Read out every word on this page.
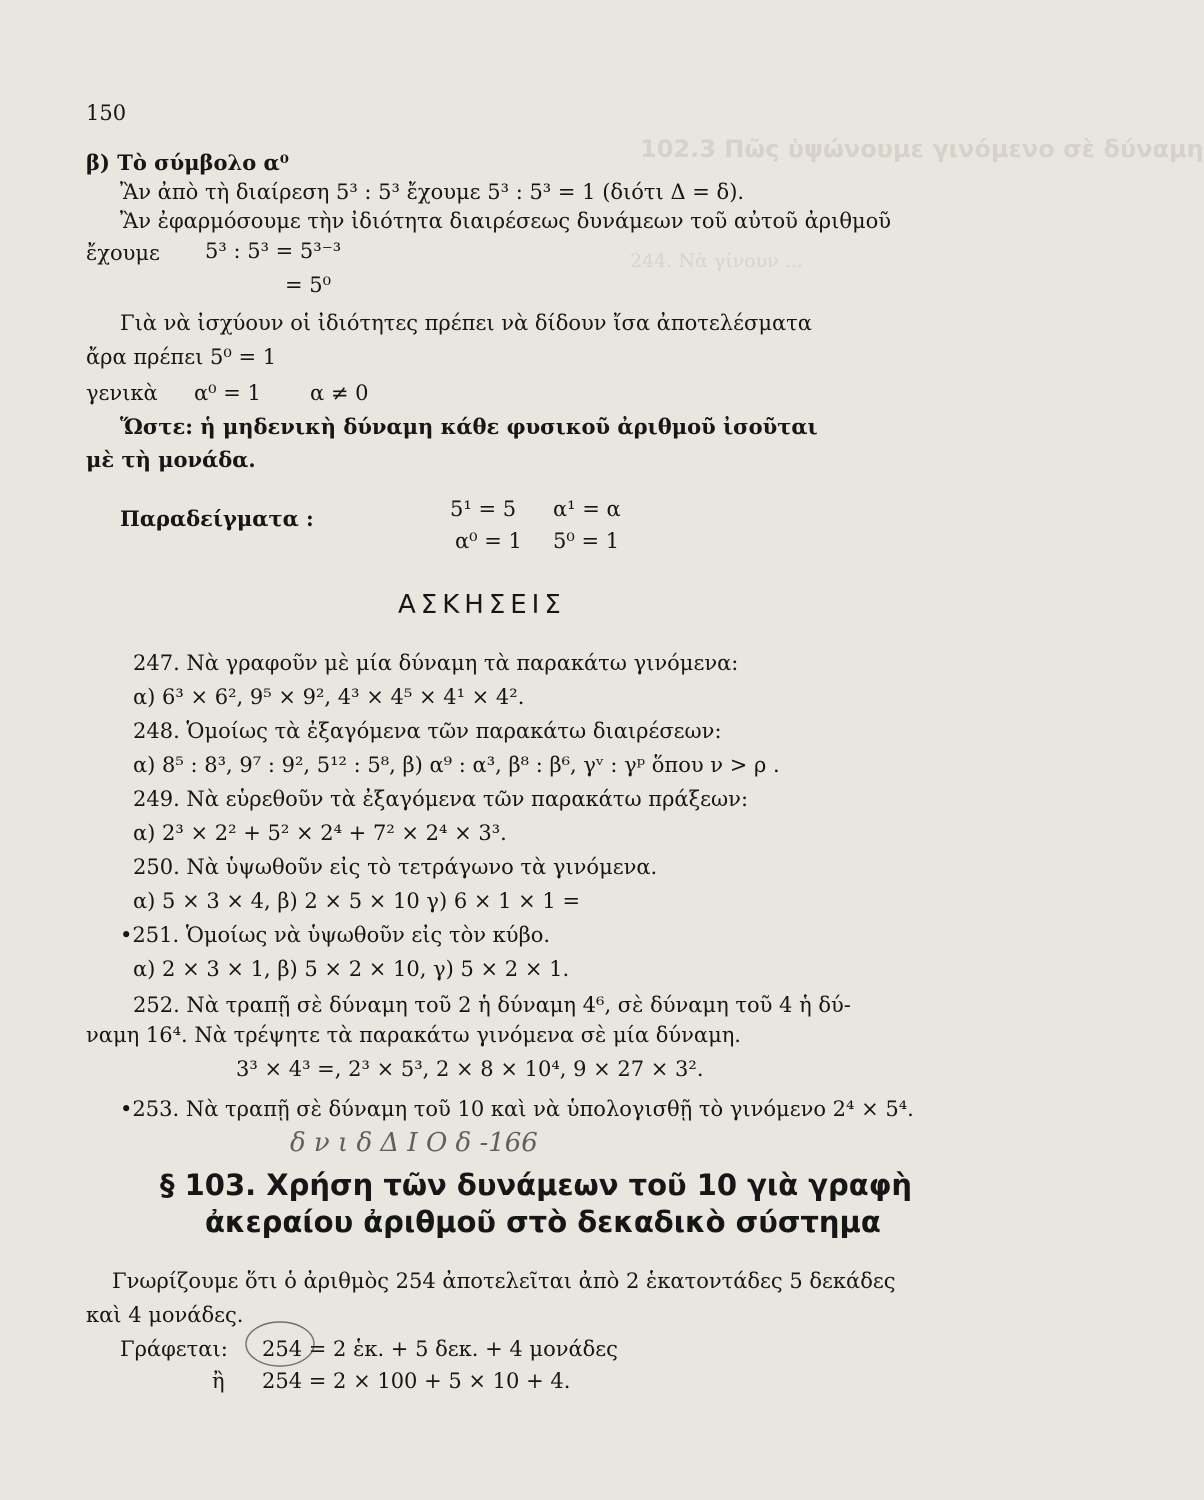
102.3 Πῶς ὑψώνουμε γινόμενο σὲ δύναμη
244. Νὰ γίνουν ...
150
β) Τὸ σύμβολο α⁰
Ἂν ἀπὸ τὴ διαίρεση 5³ : 5³ ἔχουμε 5³ : 5³ = 1 (διότι Δ = δ).
Ἂν ἐφαρμόσουμε τὴν ἰδιότητα διαιρέσεως δυνάμεων τοῦ αὐτοῦ ἀριθμοῦ
ἔχουμε 5³ : 5³ = 5³⁻³
= 5⁰
Γιὰ νὰ ἰσχύουν οἱ ἰδιότητες πρέπει νὰ δίδουν ἴσα ἀποτελέσματα
ἄρα πρέπει 5⁰ = 1
γενικὰ α⁰ = 1 α ≠ 0
Ὥστε: ἡ μηδενικὴ δύναμη κάθε φυσικοῦ ἀριθμοῦ ἰσοῦται
μὲ τὴ μονάδα.
Παραδείγματα :	5¹ = 5 α¹ = α
α⁰ = 1 5⁰ = 1
ΑΣΚΗΣΕΙΣ
247. Νὰ γραφοῦν μὲ μία δύναμη τὰ παρακάτω γινόμενα:
α) 6³ × 6², 9⁵ × 9², 4³ × 4⁵ × 4¹ × 4².
248. Ὁμοίως τὰ ἐξαγόμενα τῶν παρακάτω διαιρέσεων:
α) 8⁵ : 8³, 9⁷ : 9², 5¹² : 5⁸, β) α⁹ : α³, β⁸ : β⁶, γᵛ : γᵖ ὅπου ν > ρ .
249. Νὰ εὑρεθοῦν τὰ ἐξαγόμενα τῶν παρακάτω πράξεων:
α) 2³ × 2² + 5² × 2⁴ + 7² × 2⁴ × 3³.
250. Νὰ ὑψωθοῦν εἰς τὸ τετράγωνο τὰ γινόμενα.
α) 5 × 3 × 4, β) 2 × 5 × 10 γ) 6 × 1 × 1 =
•251. Ὁμοίως νὰ ὑψωθοῦν εἰς τὸν κύβο.
α) 2 × 3 × 1, β) 5 × 2 × 10, γ) 5 × 2 × 1.
252. Νὰ τραπῇ σὲ δύναμη τοῦ 2 ἡ δύναμη 4⁶, σὲ δύναμη τοῦ 4 ἡ δύ-
ναμη 16⁴. Νὰ τρέψητε τὰ παρακάτω γινόμενα σὲ μία δύναμη.
3³ × 4³ =, 2³ × 5³, 2 × 8 × 10⁴, 9 × 27 × 3².
•253. Νὰ τραπῇ σὲ δύναμη τοῦ 10 καὶ νὰ ὑπολογισθῇ τὸ γινόμενο 2⁴ × 5⁴.
δ ν ι δ Δ Ι Ο δ -166
§ 103. Χρήση τῶν δυνάμεων τοῦ 10 γιὰ γραφὴ
ἀκεραίου ἀριθμοῦ στὸ δεκαδικὸ σύστημα
Γνωρίζουμε ὅτι ὁ ἀριθμὸς 254 ἀποτελεῖται ἀπὸ 2 ἑκατοντάδες 5 δεκάδες
καὶ 4 μονάδες.
Γράφεται: 254 = 2 ἑκ. + 5 δεκ. + 4 μονάδες
ἢ 254 = 2 × 100 + 5 × 10 + 4.
